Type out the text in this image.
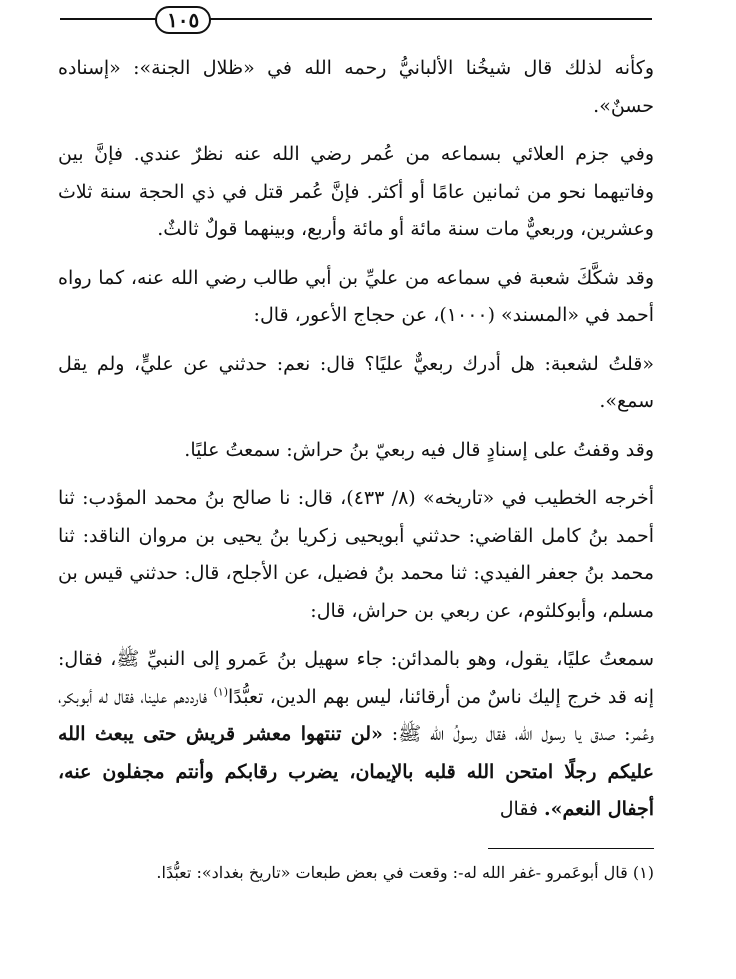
١٠٥

وكأنه لذلك قال شيخُنا الألبانيُّ رحمه الله في «ظلال الجنة»: «إسناده حسنٌ».

وفي جزم العلائي بسماعه من عُمر رضي الله عنه نظرٌ عندي. فإنَّ بين وفاتيهما نحو من ثمانين عامًا أو أكثر. فإنَّ عُمر قتل في ذي الحجة سنة ثلاث وعشرين، وربعيٌّ مات سنة مائة أو مائة وأربع، وبينهما قولٌ ثالثٌ.

وقد شكَّكَ شعبة في سماعه من عليِّ بن أبي طالب رضي الله عنه، كما رواه أحمد في «المسند» (١٠٠٠)، عن حجاج الأعور، قال:

«قلتُ لشعبة: هل أدرك ربعيٌّ عليًا؟ قال: نعم: حدثني عن عليٍّ، ولم يقل سمع».

وقد وقفتُ على إسنادٍ قال فيه ربعيّ بنُ حراش: سمعتُ عليًا.

أخرجه الخطيب في «تاريخه» (٨/ ٤٣٣)، قال: نا صالح بنُ محمد المؤدب: ثنا أحمد بنُ كامل القاضي: حدثني أبويحيى زكريا بنُ يحيى بن مروان الناقد: ثنا محمد بنُ جعفر الفيدي: ثنا محمد بنُ فضيل، عن الأجلح، قال: حدثني قيس بن مسلم، وأبوكلثوم، عن ربعي بن حراش، قال:

سمعتُ عليًا، يقول، وهو بالمدائن: جاء سهيل بنُ عَمرو إلى النبيِّ ﷺ، فقال: إنه قد خرج إليك ناسٌ من أرقائنا، ليس بهم الدين، تعبُّدًا$^{(١)}$ فارددهم علينا، فقال له أبوبكر، وعُمر: صدق يا رسول الله، فقال رسولُ الله ﷺ: «لن تنتهوا معشر قريش حتى يبعث الله عليكم رجلًا امتحن الله قلبه بالإيمان، يضرب رقابكم وأنتم مجفلون عنه، أجفال النعم». فقال

(١) قال أبوعَمرو -غفر الله له-: وقعت في بعض طبعات «تاريخ بغداد»: تعبُّدًا.
